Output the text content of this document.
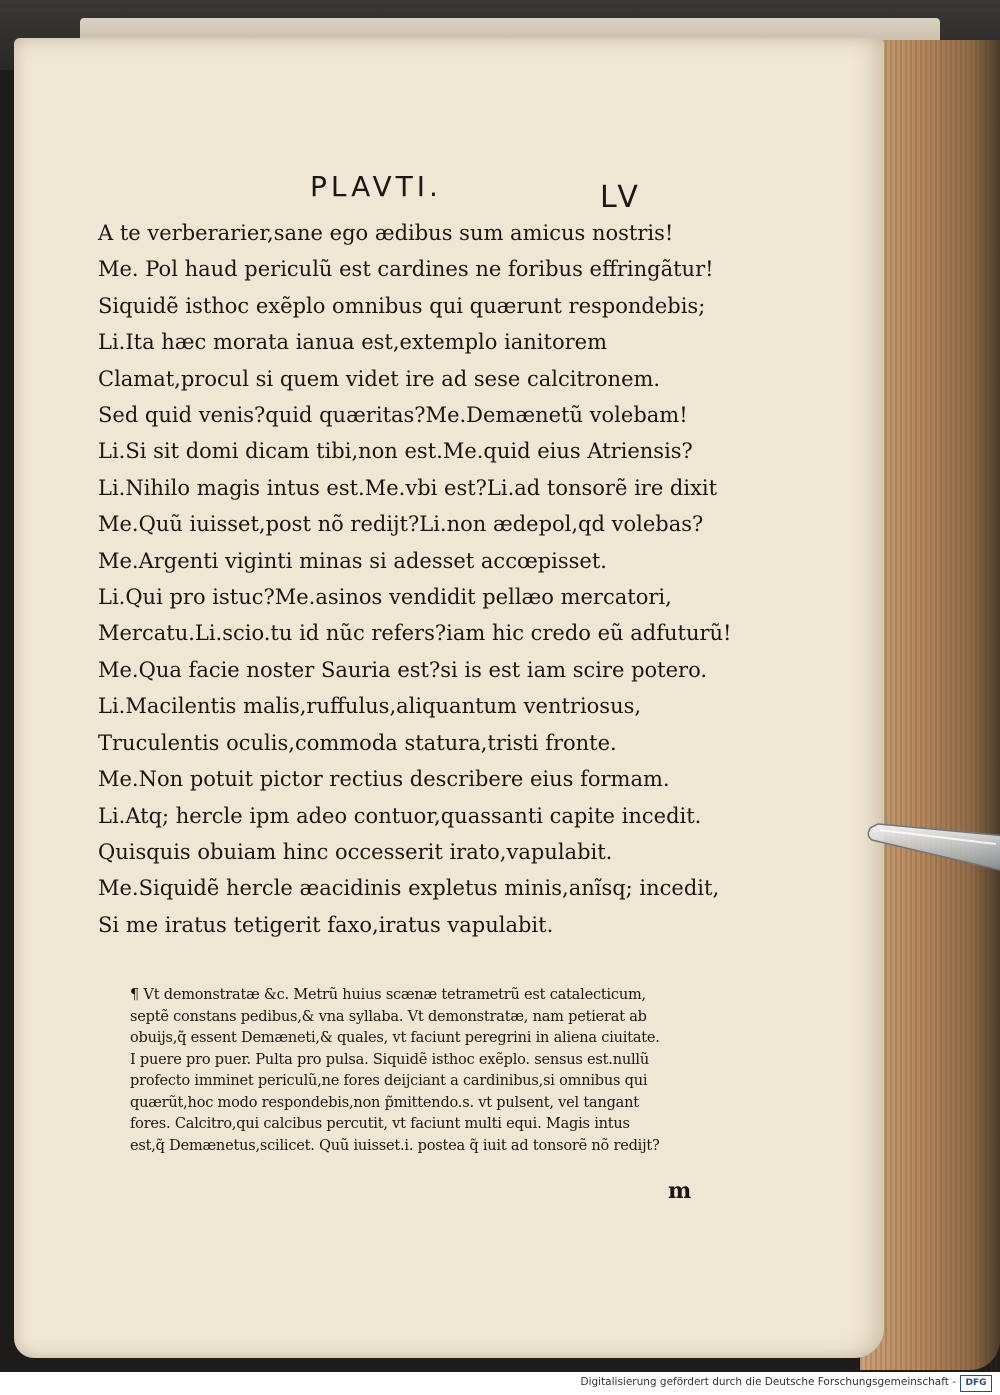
PLAVTI.	LV
A te verberarier,sane ego ædibus sum amicus nostris!
Me. Pol haud periculũ est cardines ne foribus effringãtur!
Siquidẽ isthoc exẽplo omnibus qui quærunt respondebis;
Li.Ita hæc morata ianua est,extemplo ianitorem
Clamat,procul si quem videt ire ad sese calcitronem.
Sed quid venis?quid quæritas?Me.Demænetũ volebam!
Li.Si sit domi dicam tibi,non est.Me.quid eius Atriensis?
Li.Nihilo magis intus est.Me.vbi est?Li.ad tonsorẽ ire dixit
Me.Quũ iuisset,post nõ redijt?Li.non ædepol,qd volebas?
Me.Argenti viginti minas si adesset accœpisset.
Li.Qui pro istuc?Me.asinos vendidit pellæo mercatori,
Mercatu.Li.scio.tu id nũc refers?iam hic credo eũ adfuturũ!
Me.Qua facie noster Sauria est?si is est iam scire potero.
Li.Macilentis malis,ruffulus,aliquantum ventriosus,
Truculentis oculis,commoda statura,tristi fronte.
Me.Non potuit pictor rectius describere eius formam.
Li.Atq; hercle ipm adeo contuor,quassanti capite incedit.
Quisquis obuiam hinc occesserit irato,vapulabit.
Me.Siquidẽ hercle æacidinis expletus minis,anĩsq; incedit,
Si me iratus tetigerit faxo,iratus vapulabit.
¶ Vt demonstratæ &c. Metrũ huius scænæ tetrametrũ est catalecticum,
septẽ constans pedibus,& vna syllaba. Vt demonstratæ, nam petierat ab
obuijs,q̃ essent Demæneti,& quales, vt faciunt peregrini in aliena ciuitate.
I puere pro puer. Pulta pro pulsa. Siquidẽ isthoc exẽplo. sensus est.nullũ
profecto imminet periculũ,ne fores deijciant a cardinibus,si omnibus qui
quærũt,hoc modo respondebis,non p̃mittendo.s. vt pulsent, vel tangant
fores. Calcitro,qui calcibus percutit, vt faciunt multi equi. Magis intus
est,q̃ Demænetus,scilicet. Quũ iuisset.i. postea q̃ iuit ad tonsorẽ nõ redijt?
m
Digitalisierung gefördert durch die Deutsche Forschungsgemeinschaft -	DFG
